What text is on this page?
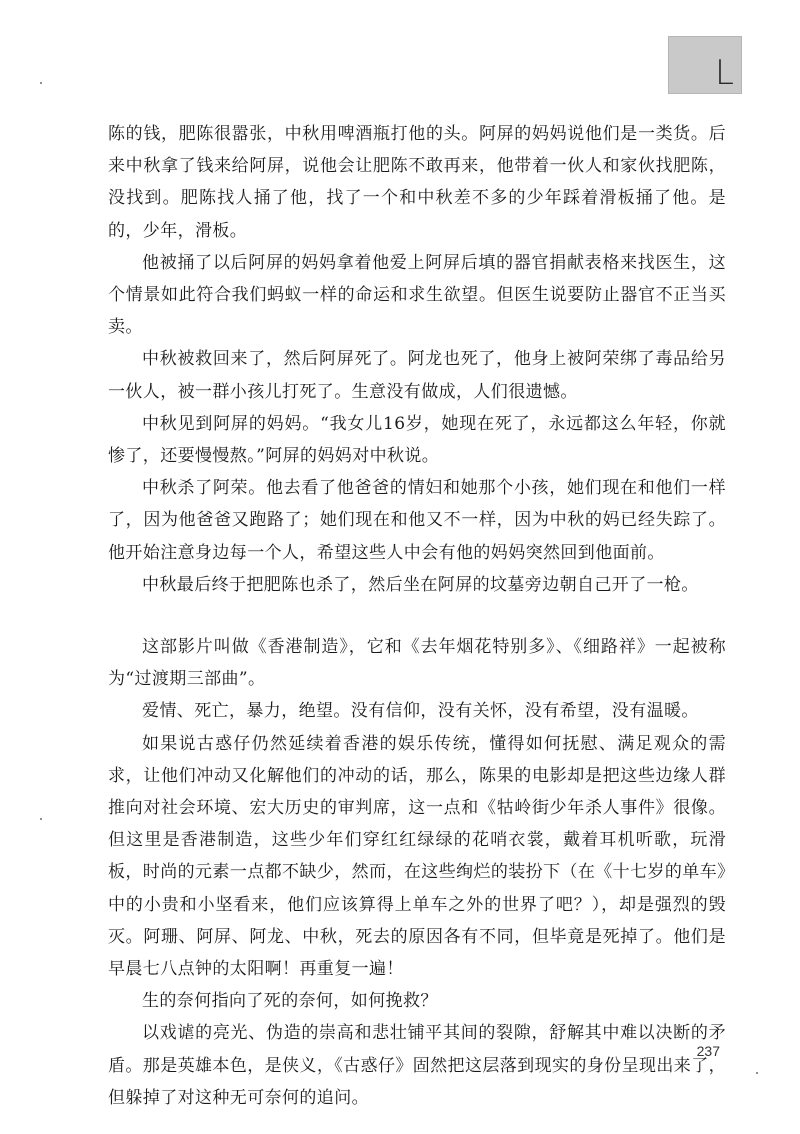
L

陈的钱，肥陈很嚣张，中秋用啤酒瓶打他的头。阿屏的妈妈说他们是一类货。后来中秋拿了钱来给阿屏，说他会让肥陈不敢再来，他带着一伙人和家伙找肥陈，没找到。肥陈找人捅了他，找了一个和中秋差不多的少年踩着滑板捅了他。是的，少年，滑板。

他被捅了以后阿屏的妈妈拿着他爱上阿屏后填的器官捐献表格来找医生，这个情景如此符合我们蚂蚁一样的命运和求生欲望。但医生说要防止器官不正当买卖。

中秋被救回来了，然后阿屏死了。阿龙也死了，他身上被阿荣绑了毒品给另一伙人，被一群小孩儿打死了。生意没有做成，人们很遗憾。

中秋见到阿屏的妈妈。“我女儿16岁，她现在死了，永远都这么年轻，你就惨了，还要慢慢熬。”阿屏的妈妈对中秋说。

中秋杀了阿荣。他去看了他爸爸的情妇和她那个小孩，她们现在和他们一样了，因为他爸爸又跑路了；她们现在和他又不一样，因为中秋的妈已经失踪了。他开始注意身边每一个人，希望这些人中会有他的妈妈突然回到他面前。

中秋最后终于把肥陈也杀了，然后坐在阿屏的坟墓旁边朝自己开了一枪。

这部影片叫做《香港制造》，它和《去年烟花特别多》、《细路祥》一起被称为“过渡期三部曲”。

爱情、死亡，暴力，绝望。没有信仰，没有关怀，没有希望，没有温暖。

如果说古惑仔仍然延续着香港的娱乐传统，懂得如何抚慰、满足观众的需求，让他们冲动又化解他们的冲动的话，那么，陈果的电影却是把这些边缘人群推向对社会环境、宏大历史的审判席，这一点和《牯岭街少年杀人事件》很像。但这里是香港制造，这些少年们穿红红绿绿的花哨衣裳，戴着耳机听歌，玩滑板，时尚的元素一点都不缺少，然而，在这些绚烂的装扮下（在《十七岁的单车》中的小贵和小坚看来，他们应该算得上单车之外的世界了吧？），却是强烈的毁灭。阿珊、阿屏、阿龙、中秋，死去的原因各有不同，但毕竟是死掉了。他们是早晨七八点钟的太阳啊！再重复一遍！

生的奈何指向了死的奈何，如何挽救？

以戏谑的亮光、伪造的崇高和悲壮铺平其间的裂隙，舒解其中难以决断的矛盾。那是英雄本色，是侠义，《古惑仔》固然把这层落到现实的身份呈现出来了，但躲掉了对这种无可奈何的追问。

237
